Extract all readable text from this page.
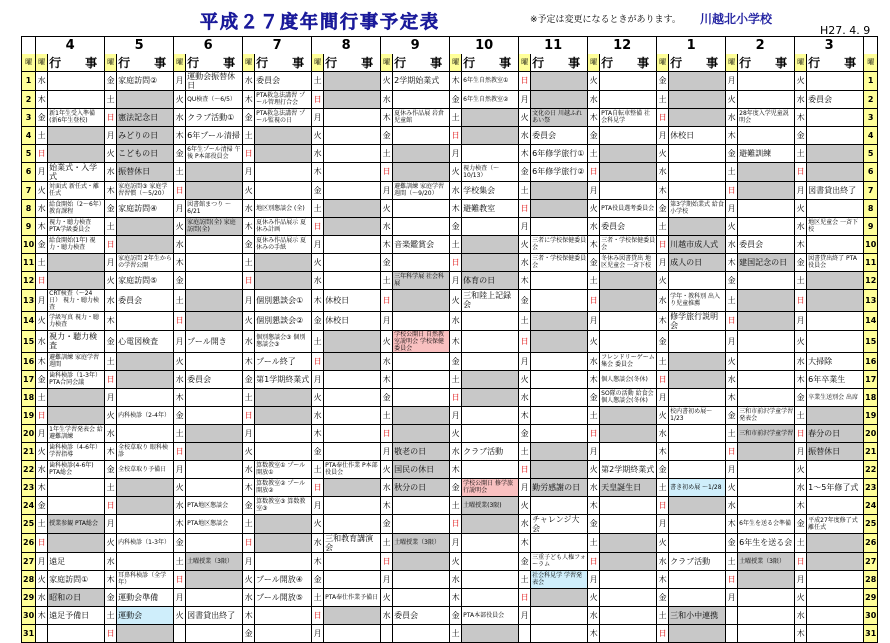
平成２７度年間行事予定表	※予定は変更になるときがあります。 川越北小学校
H27. 4. 9
	4		5		6		7		8		9		10		11		12		1		2		3		
曜	曜	行　事	曜	行　事	曜	行　事	曜	行　事	曜	行　事	曜	行　事	曜	行　事	曜	行　事	曜	行　事	曜	行　事	曜	行　事	曜	行　事	曜
1	水		金	家庭訪問②	月	運動会振替休日	水	委員会	土		火	2学期始業式	木	6年生自然教室①	日		火		金		月		火		1
2	木		土		火	QU検査（～6/5）	木	PTA救急法講習 プール管理打合会	日		水		金	6年生自然教室②	月		水		土		火		水	委員会	2
3	金	新1年生受入準備(新6年生登校)	日	憲法記念日	水	クラブ活動①	金	PTA救急法講習 プール監視の日	月		木	夏休み作品展 岩倉児童館	土		火	文化の日 川越ふれあい祭	木	PTA自転車整備 社会科見学	日		水	28年度入学児童説明会	木		3
4	土		月	みどりの日	木	6年プール清掃	土		火		金		日		水	委員会	金		月	休校日	木		金		4
5	日		火	こどもの日	金	6年生プール清掃 午後 P本部役員会	日		水		土		月		木	6年修学旅行①	土		火		金	避難訓練	土		5
6	月	始業式・入学式	水	振替休日	土		月		木		日		火	視力検査（～10/13）	金	6年修学旅行②	日		水		土		日		6
7	火	対面式 新任式・離任式	木	家庭訪問③ 家庭学習習慣（～5/20）	日		火		金		月	避難訓練 家庭学習週間（～9/20）	水	学校集会	土		月		木		日		月	図書貸出終了	7
8	水	給食開始（2～6年）　教育課程	金	家庭訪問④	月	図書館まつり ～6/21	水	地区別懇談会 (全)	土		火		木	避難教室	日		火	PTA役員選考委員会	金	第3学期始業式 給食小学校	月		火		8
9	木	視力・聴力検査 PTA学級委員会	土		火	家庭訪問(全) 家庭訪問(全)	木	夏休み作品展示 夏休み計画	日		水		金		月		水	委員会	土		火		水	地区児童会 一斉下校	9
10	金	給食開始(1年) 視力・聴力検査	日		水		金	夏休み作品展示 夏休みの手紙	月		木	音楽鑑賞会	土		火	三者に学校保健委員会	木	三者・学校保健委員会	日	川越市成人式	水	委員会	木		10
11	土		月	家庭訪問 2年生からの学習公開	木		土		火		金		日		水	三者・学校保健委員会	金	冬休み図書貸出 地区児童会 一斉下校	月	成人の日	木	建国記念の日	金	図書貸出終了 PTA役員会	11
12	日		火	家庭訪問⑤	金		日		水		土	三年科学展 社会科展	月	体育の日	木		土		火		金		土		12
13	月	CRT検査（～24日） 視力・聴力検査	水	委員会	土		月	個別懇談会①	木	休校日	日		火	三和陸上記録会	金		日		水	学年・教科別 出入り児童推薦	土		日		13
14	火	学級写真 視力・聴力検査	木		日		火	個別懇談会②	金	休校日	月		水		土		月		木	修学旅行説明会	日		月		14
15	水	視力・聴力検査	金	心電図検査	月	プール開き	水	個別懇談会③ 個別懇談会③	土		火	学校公開日 自然教室説明会 学校保健委員会	木		日		火		金		月		火		15
16	木	避難訓練 家庭学習週間	土		火		木	プール終了	日		水		金		月		水	フレンドリーゲーム集会 委員会	土		火		水	大掃除	16
17	金	歯科検診（1-3年） PTA合同会議	日		水	委員会	金	第1学期終業式	月		木		土		火		木	個人懇談会(冬休)	日		水		木	6年卒業生	17
18	土		月		木		土		火		金		日		水		金	SO隊の活動 給食会 個人懇談会(冬休)	月		木		金	卒業生送別会 出席	18
19	日		火	内科検診（2-4年）	金		日		水		土		月		木		土		火	校内書初め展～1/23	金	三和市前沢学童学習発表会	土		19
20	月	1年生学習発表会 給　避難訓練	水		土		月		木		日		火		金		日		水		土	三和市前沢学童学習	日	春分の日	20
21	火	歯科検診（4-6年） 学習指導	木	全校草取り 眼科検診	日		火		金		月	敬老の日	水	クラブ活動	土		月		木		日		月	振替休日	21
22	水	歯科検診(4-6年) PTA総会	金	全校草取り予備日	月		水	算数教室① プール開放①	土	PTA奉仕作業 P本部役員会	火	国民の休日	木		日		火	第2学期終業式	金		月		火		22
23	木		土		火		木	算数教室② プール開放②	日		水	秋分の日	金	学校公開日 修学旅行説明会	月	勤労感謝の日	水	天皇誕生日	土	書き初め展 ～1/28	火		水	1～5年修了式	23
24	金		日		水	PTA地区懇談会	金	算数教室③ 算数教室③	月		木		土	土曜授業(3限)	火		木		日		水		木		24
25	土	授業参観 PTA総会	月		木	PTA地区懇談会	土		火		金		日		水	チャレンジ大会	金		月		木	6年生を送る会準備	金	平成27年度修了式 離任式	25
26	日		火	内科検診（1-3年）	金		日		水	三和教育講演会	土	土曜授業（3限）	月		木		土		火		金	6年生を送る会	土		26
27	月	遠足	水		土	土曜授業（3限）	月		木		日		火		金	三重子ども人権フォーラム	日		水	クラブ活動	土	土曜授業（3限）	日		27
28	火	家庭訪問①	木	耳鼻科検診（全学年）	日		火	プール開放④	金		月		水		土	社会科見学 学習発表会	月		木		日		月		28
29	水	昭和の日	金	運動会準備	月		水	プール開放⑤	土	PTA奉仕作業予備日	火		木		日		火		金		月		火		29
30	木	遠足予備日	土	運動会	火	図書貸出終了	木		日		水	委員会	金	PTA本部役員会	月		水		土	三和小中連携			水		30
31			日				金		月				土				木		日				木		31
